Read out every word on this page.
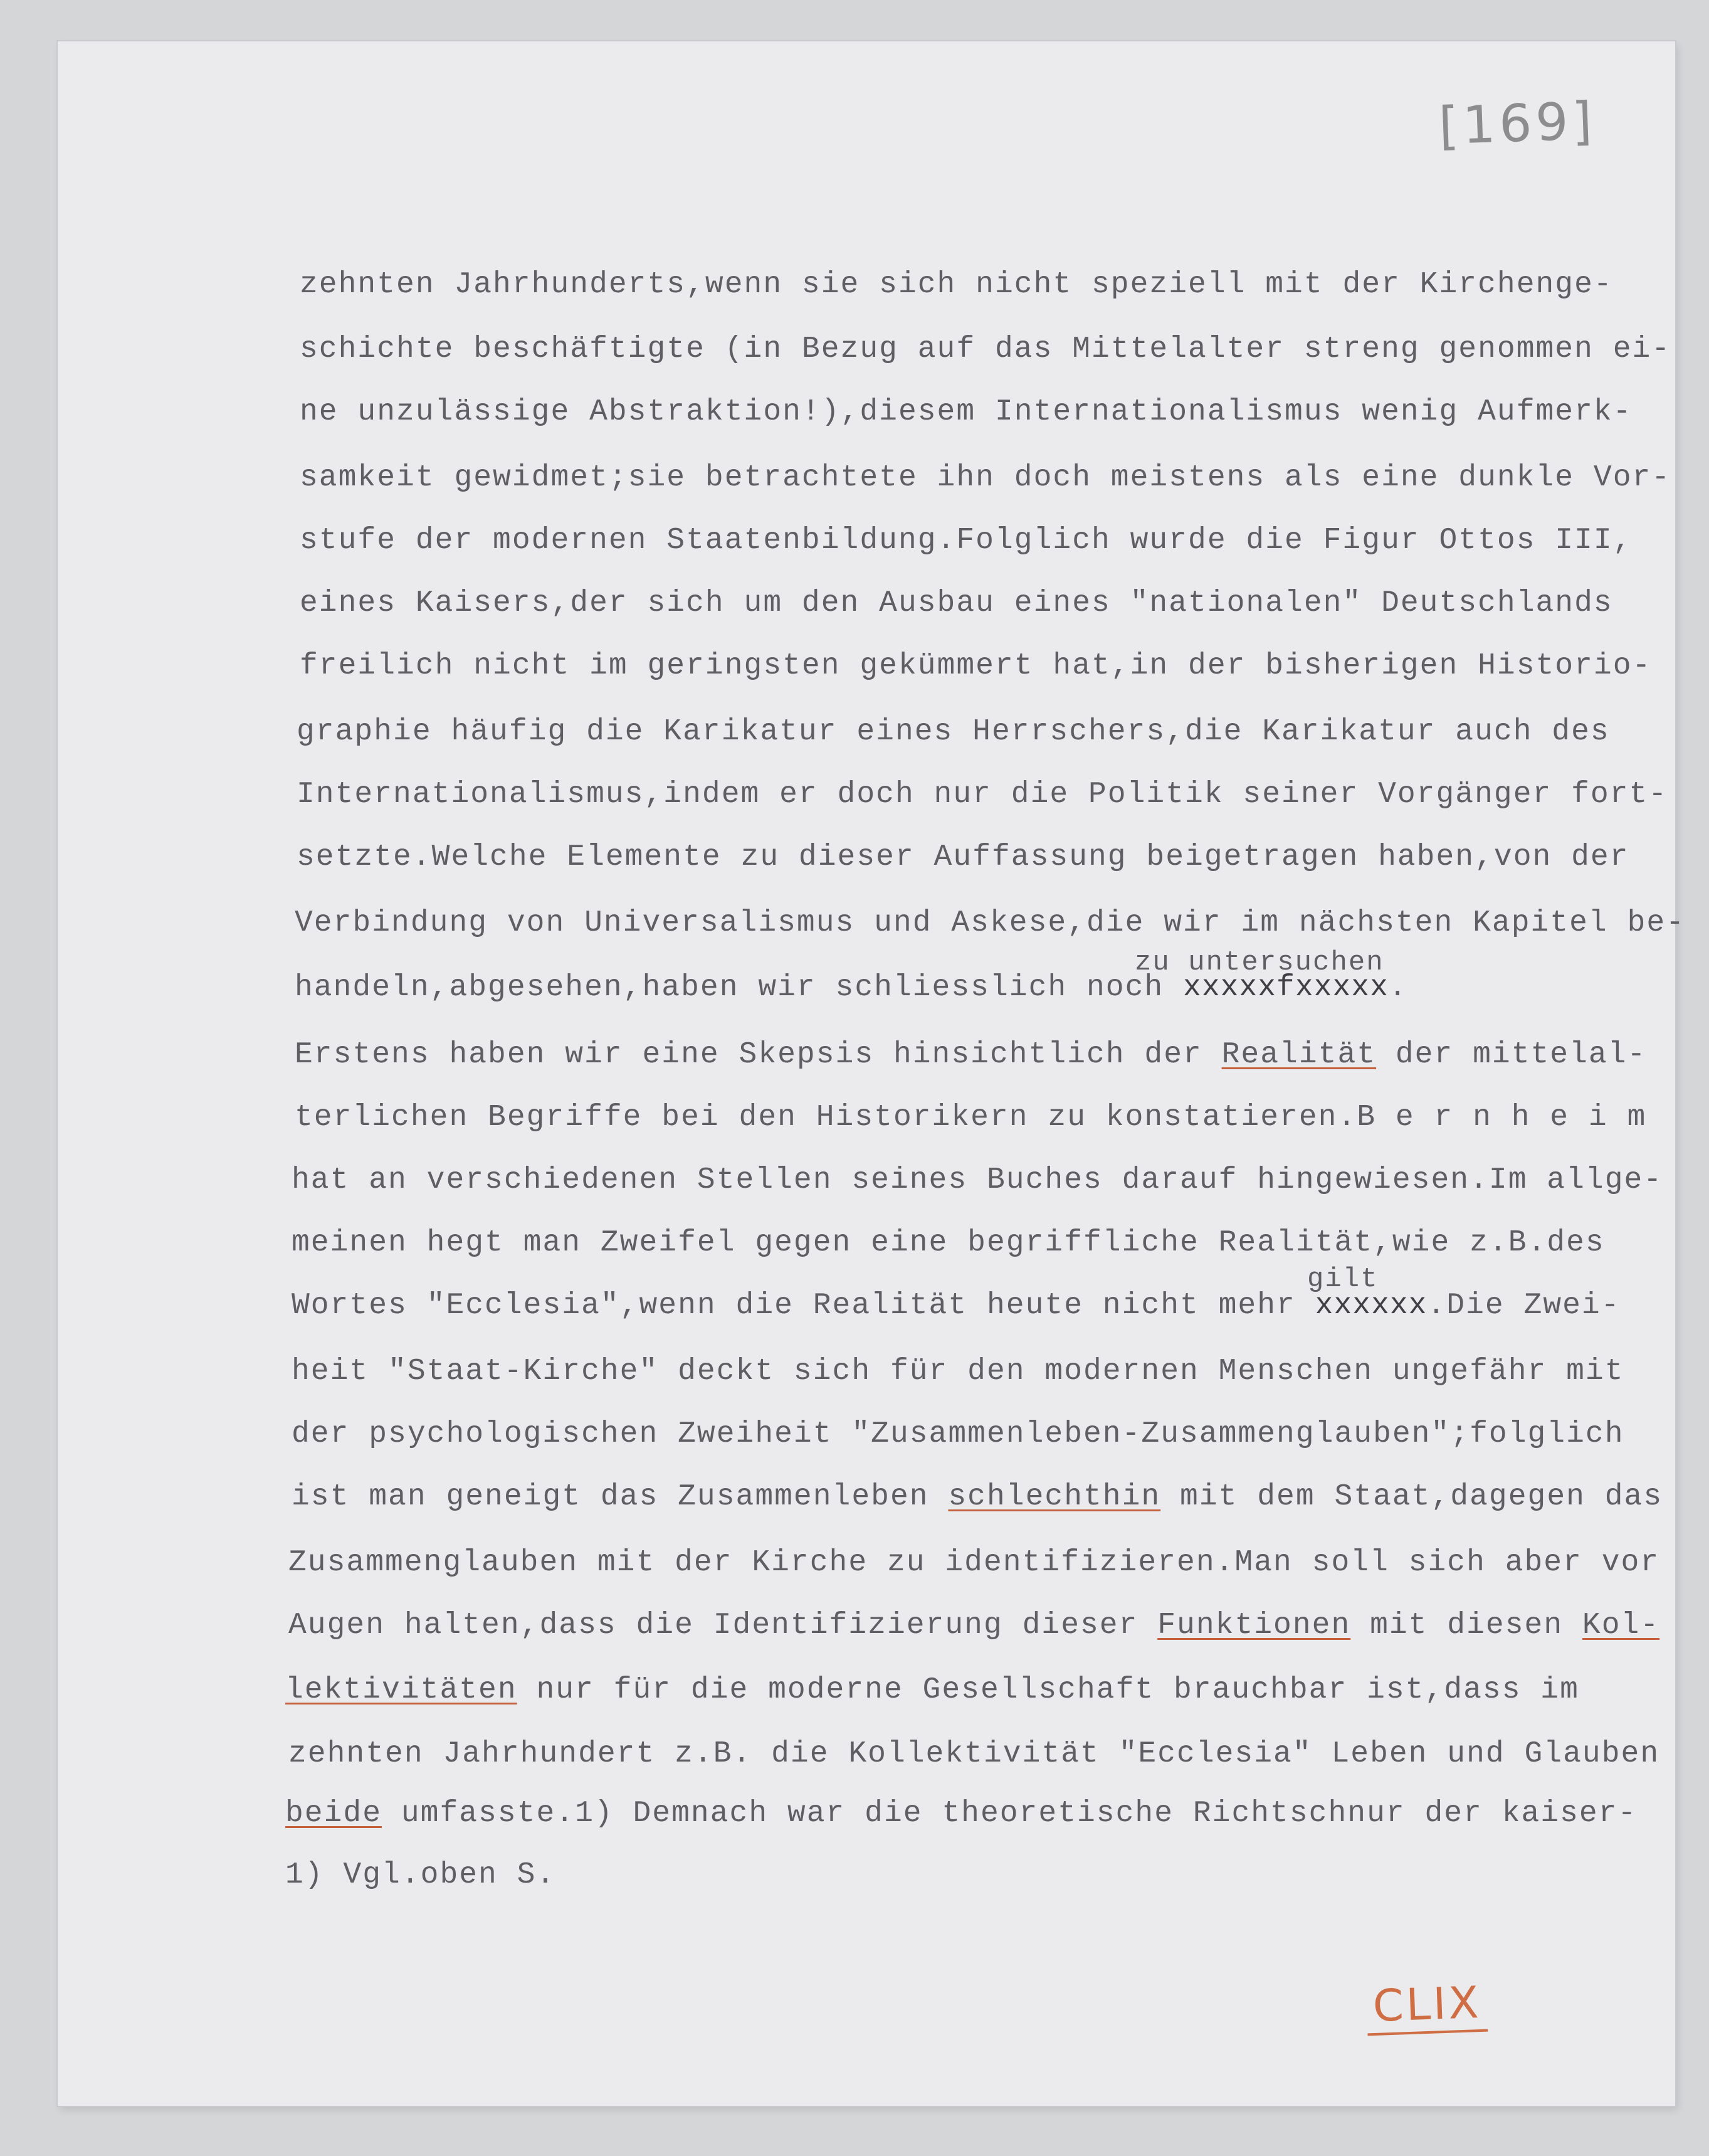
[169]
zehnten Jahrhunderts,wenn sie sich nicht speziell mit der Kirchenge-
schichte beschäftigte (in Bezug auf das Mittelalter streng genommen ei-
ne unzulässige Abstraktion!),diesem Internationalismus wenig Aufmerk-
samkeit gewidmet;sie betrachtete ihn doch meistens als eine dunkle Vor-
stufe der modernen Staatenbildung.Folglich wurde die Figur Ottos III,
eines Kaisers,der sich um den Ausbau eines "nationalen" Deutschlands
freilich nicht im geringsten gekümmert hat,in der bisherigen Historio-
graphie häufig die Karikatur eines Herrschers,die Karikatur auch des
Internationalismus,indem er doch nur die Politik seiner Vorgänger fort-
setzte.Welche Elemente zu dieser Auffassung beigetragen haben,von der
Verbindung von Universalismus und Askese,die wir im nächsten Kapitel be-
zu untersuchen
handeln,abgesehen,haben wir schliesslich noch xxxxxfxxxxx.
Erstens haben wir eine Skepsis hinsichtlich der Realität der mittelal-
terlichen Begriffe bei den Historikern zu konstatieren.B e r n h e i m
hat an verschiedenen Stellen seines Buches darauf hingewiesen.Im allge-
meinen hegt man Zweifel gegen eine begriffliche Realität,wie z.B.des
gilt
Wortes "Ecclesia",wenn die Realität heute nicht mehr xxxxxx.Die Zwei-
heit "Staat-Kirche" deckt sich für den modernen Menschen ungefähr mit
der psychologischen Zweiheit "Zusammenleben-Zusammenglauben";folglich
ist man geneigt das Zusammenleben schlechthin mit dem Staat,dagegen das
Zusammenglauben mit der Kirche zu identifizieren.Man soll sich aber vor
Augen halten,dass die Identifizierung dieser Funktionen mit diesen Kol-
lektivitäten nur für die moderne Gesellschaft brauchbar ist,dass im
zehnten Jahrhundert z.B. die Kollektivität "Ecclesia" Leben und Glauben
beide umfasste.1) Demnach war die theoretische Richtschnur der kaiser-
1) Vgl.oben S.
CLIX
